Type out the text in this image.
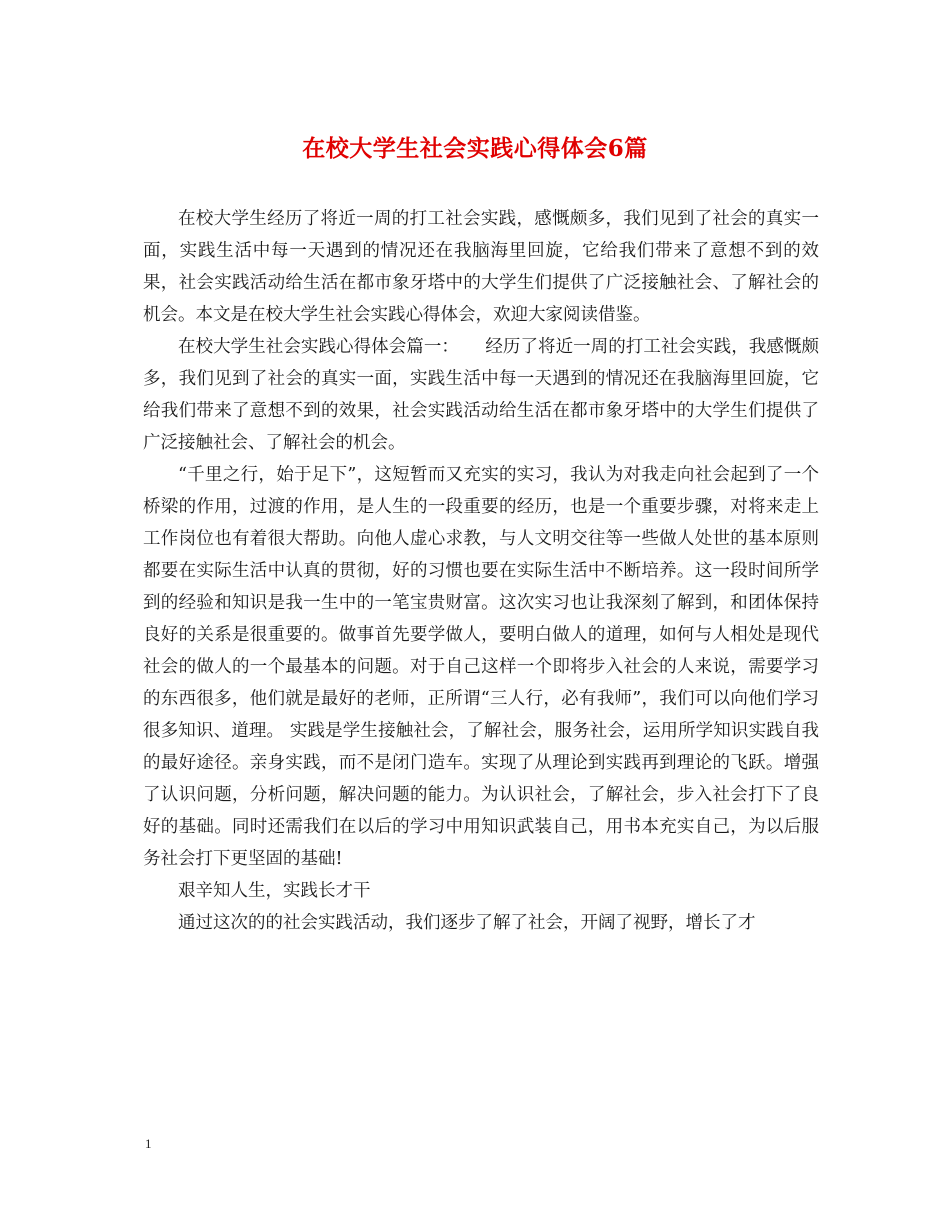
在校大学生社会实践心得体会6篇

在校大学生经历了将近一周的打工社会实践，感慨颇多，我们见到了社会的真实一面，实践生活中每一天遇到的情况还在我脑海里回旋，它给我们带来了意想不到的效果，社会实践活动给生活在都市象牙塔中的大学生们提供了广泛接触社会、了解社会的机会。本文是在校大学生社会实践心得体会，欢迎大家阅读借鉴。

在校大学生社会实践心得体会篇一：　　经历了将近一周的打工社会实践，我感慨颇多，我们见到了社会的真实一面，实践生活中每一天遇到的情况还在我脑海里回旋，它给我们带来了意想不到的效果，社会实践活动给生活在都市象牙塔中的大学生们提供了广泛接触社会、了解社会的机会。

“千里之行，始于足下”，这短暂而又充实的实习，我认为对我走向社会起到了一个桥梁的作用，过渡的作用，是人生的一段重要的经历，也是一个重要步骤，对将来走上工作岗位也有着很大帮助。向他人虚心求教，与人文明交往等一些做人处世的基本原则都要在实际生活中认真的贯彻，好的习惯也要在实际生活中不断培养。这一段时间所学到的经验和知识是我一生中的一笔宝贵财富。这次实习也让我深刻了解到，和团体保持良好的关系是很重要的。做事首先要学做人，要明白做人的道理，如何与人相处是现代社会的做人的一个最基本的问题。对于自己这样一个即将步入社会的人来说，需要学习的东西很多，他们就是最好的老师，正所谓“三人行，必有我师”，我们可以向他们学习很多知识、道理。 实践是学生接触社会，了解社会，服务社会，运用所学知识实践自我的最好途径。亲身实践，而不是闭门造车。实现了从理论到实践再到理论的飞跃。增强了认识问题，分析问题，解决问题的能力。为认识社会，了解社会，步入社会打下了良好的基础。同时还需我们在以后的学习中用知识武装自己，用书本充实自己，为以后服务社会打下更坚固的基础!

艰辛知人生，实践长才干

通过这次的的社会实践活动，我们逐步了解了社会，开阔了视野，增长了才

1
